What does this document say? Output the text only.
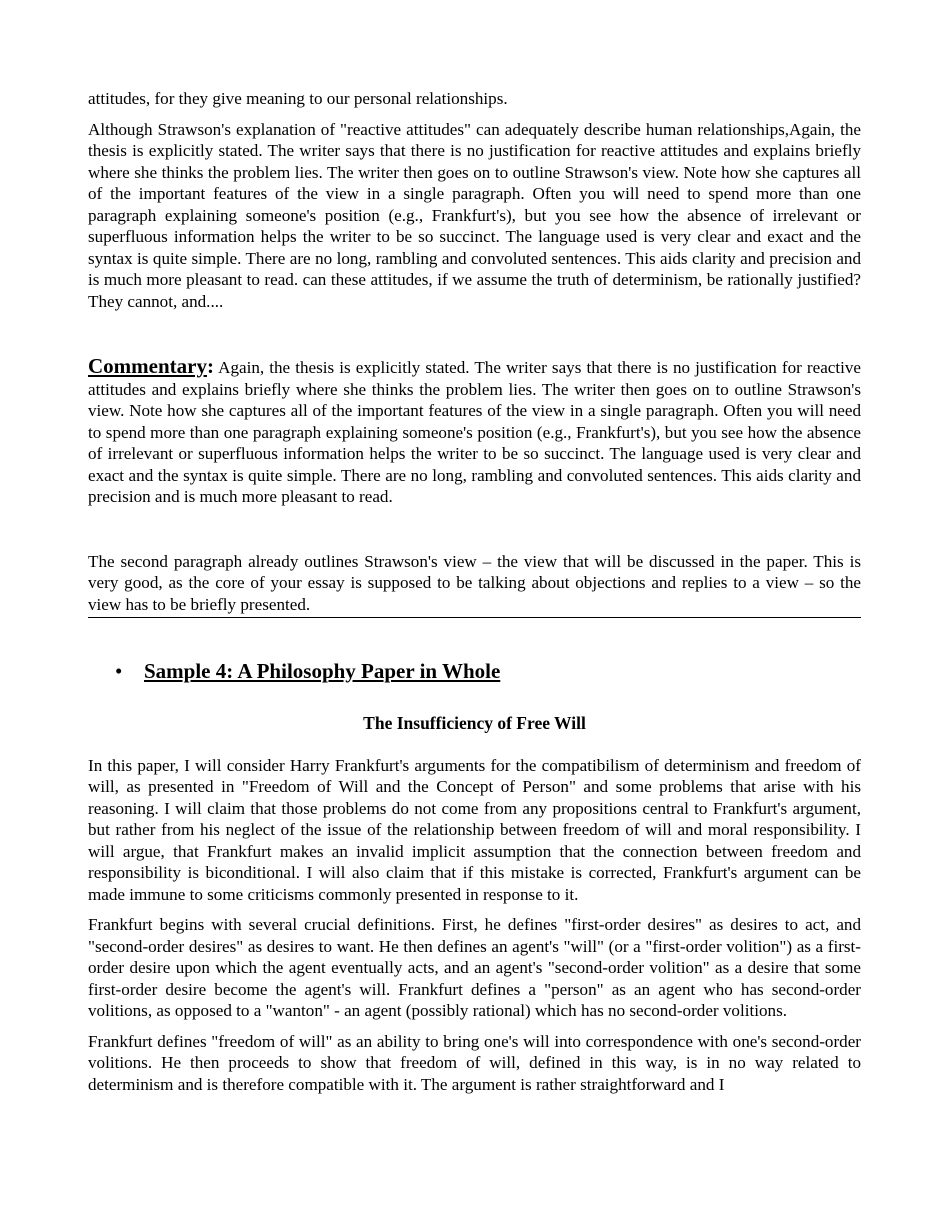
attitudes, for they give meaning to our personal relationships.

Although Strawson's explanation of "reactive attitudes" can adequately describe human relationships,Again, the thesis is explicitly stated. The writer says that there is no justification for reactive attitudes and explains briefly where she thinks the problem lies. The writer then goes on to outline Strawson's view. Note how she captures all of the important features of the view in a single paragraph. Often you will need to spend more than one paragraph explaining someone's position (e.g., Frankfurt's), but you see how the absence of irrelevant or superfluous information helps the writer to be so succinct. The language used is very clear and exact and the syntax is quite simple. There are no long, rambling and convoluted sentences. This aids clarity and precision and is much more pleasant to read. can these attitudes, if we assume the truth of determinism, be rationally justified? They cannot, and....

Commentary: Again, the thesis is explicitly stated. The writer says that there is no justification for reactive attitudes and explains briefly where she thinks the problem lies. The writer then goes on to outline Strawson's view. Note how she captures all of the important features of the view in a single paragraph. Often you will need to spend more than one paragraph explaining someone's position (e.g., Frankfurt's), but you see how the absence of irrelevant or superfluous information helps the writer to be so succinct. The language used is very clear and exact and the syntax is quite simple. There are no long, rambling and convoluted sentences. This aids clarity and precision and is much more pleasant to read.

The second paragraph already outlines Strawson's view – the view that will be discussed in the paper. This is very good, as the core of your essay is supposed to be talking about objections and replies to a view – so the view has to be briefly presented.

•	Sample 4: A Philosophy Paper in Whole
The Insufficiency of Free Will

In this paper, I will consider Harry Frankfurt's arguments for the compatibilism of determinism and freedom of will, as presented in "Freedom of Will and the Concept of Person" and some problems that arise with his reasoning. I will claim that those problems do not come from any propositions central to Frankfurt's argument, but rather from his neglect of the issue of the relationship between freedom of will and moral responsibility. I will argue, that Frankfurt makes an invalid implicit assumption that the connection between freedom and responsibility is biconditional. I will also claim that if this mistake is corrected, Frankfurt's argument can be made immune to some criticisms commonly presented in response to it.

Frankfurt begins with several crucial definitions. First, he defines "first-order desires" as desires to act, and "second-order desires" as desires to want. He then defines an agent's "will" (or a "first-order volition") as a first-order desire upon which the agent eventually acts, and an agent's "second-order volition" as a desire that some first-order desire become the agent's will. Frankfurt defines a "person" as an agent who has second-order volitions, as opposed to a "wanton" - an agent (possibly rational) which has no second-order volitions.

Frankfurt defines "freedom of will" as an ability to bring one's will into correspondence with one's second-order volitions. He then proceeds to show that freedom of will, defined in this way, is in no way related to determinism and is therefore compatible with it. The argument is rather straightforward and I
